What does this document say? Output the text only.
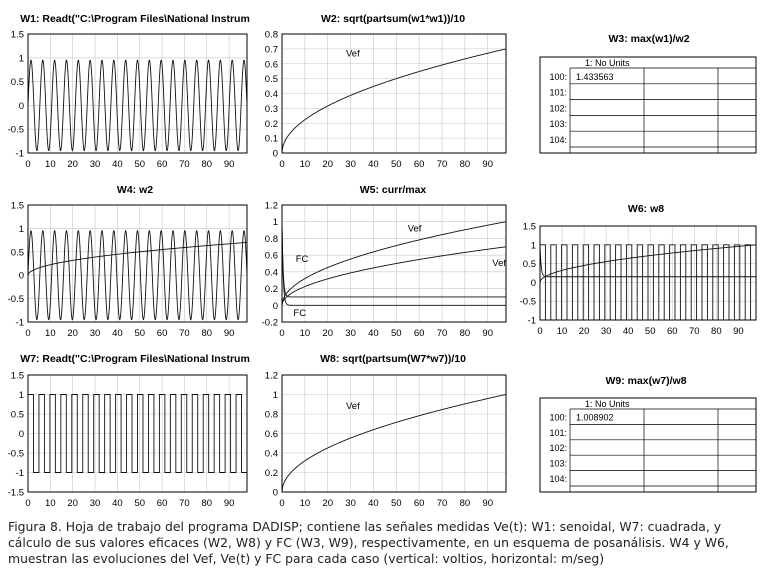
W1: Readt("C:\Program Files\National Instrum
-1
-0.5
0
0.5
1
1.5
0 10 20 30 40 50 60 70 80 90
W2: sqrt(partsum(w1*w1))/10
0
0.1
0.2
0.3
0.4
0.5
0.6
0.7
0.8
0 10 20 30 40 50 60 70 80 90
Vef
W3: max(w1)/w2
1: No Units
100: 1.433563
101:
102:
103:
104:
W4: w2
-1
-0.5
0
0.5
1
1.5
0 10 20 30 40 50 60 70 80 90
W5: curr/max
-0.2
0
0.2
0.4
0.6
0.8
1
1.2
0 10 20 30 40 50 60 70 80 90
Vef
Vef
FC
FC
W6: w8
-1
-0.5
0
0.5
1
1.5
0 10 20 30 40 50 60 70 80 90
W7: Readt("C:\Program Files\National Instrum
-1.5
-1
-0.5
0
0.5
1
1.5
0 10 20 30 40 50 60 70 80 90
W8: sqrt(partsum(W7*w7))/10
0
0.2
0.4
0.6
0.8
1
1.2
0 10 20 30 40 50 60 70 80 90
Vef
W9: max(w7)/w8
1: No Units
100: 1.008902
101:
102:
103:
104:
Figura 8. Hoja de trabajo del programa DADISP; contiene las señales medidas Ve(t): W1: senoidal, W7: cuadrada, y cálculo de sus valores eficaces (W2, W8) y FC (W3, W9), respectivamente, en un esquema de posanálisis. W4 y W6, muestran las evoluciones del Vef, Ve(t) y FC para cada caso (vertical: voltios, horizontal: m/seg)
